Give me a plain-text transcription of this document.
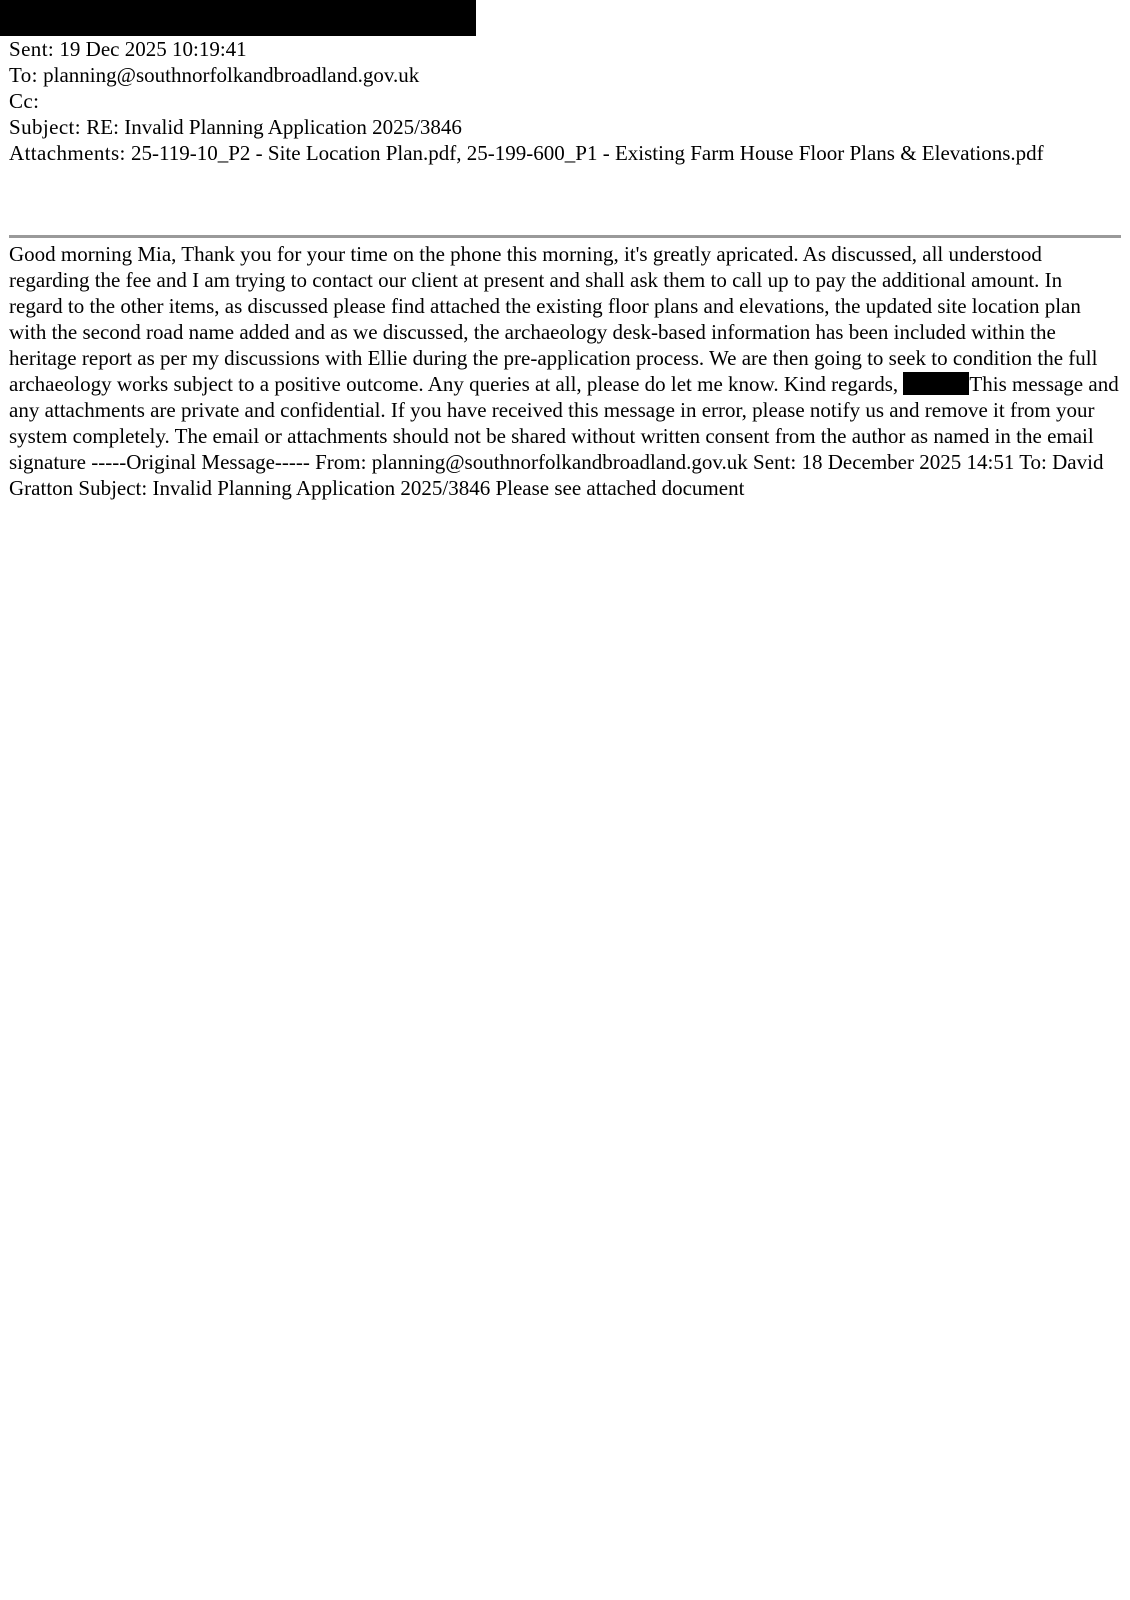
Sent: 19 Dec 2025 10:19:41
To: planning@southnorfolkandbroadland.gov.uk
Cc:
Subject: RE: Invalid Planning Application 2025/3846
Attachments: 25-119-10_P2 - Site Location Plan.pdf, 25-199-600_P1 - Existing Farm House Floor Plans & Elevations.pdf

Good morning Mia, Thank you for your time on the phone this morning, it's greatly apricated. As discussed, all understood regarding the fee and I am trying to contact our client at present and shall ask them to call up to pay the additional amount. In regard to the other items, as discussed please find attached the existing floor plans and elevations, the updated site location plan with the second road name added and as we discussed, the archaeology desk-based information has been included within the heritage report as per my discussions with Ellie during the pre-application process. We are then going to seek to condition the full archaeology works subject to a positive outcome. Any queries at all, please do let me know. Kind regards,	This message and any attachments are private and confidential. If you have received this message in error, please notify us and remove it from your system completely. The email or attachments should not be shared without written consent from the author as named in the email signature -----Original Message----- From: planning@southnorfolkandbroadland.gov.uk Sent: 18 December 2025 14:51 To: David Gratton Subject: Invalid Planning Application 2025/3846 Please see attached document
